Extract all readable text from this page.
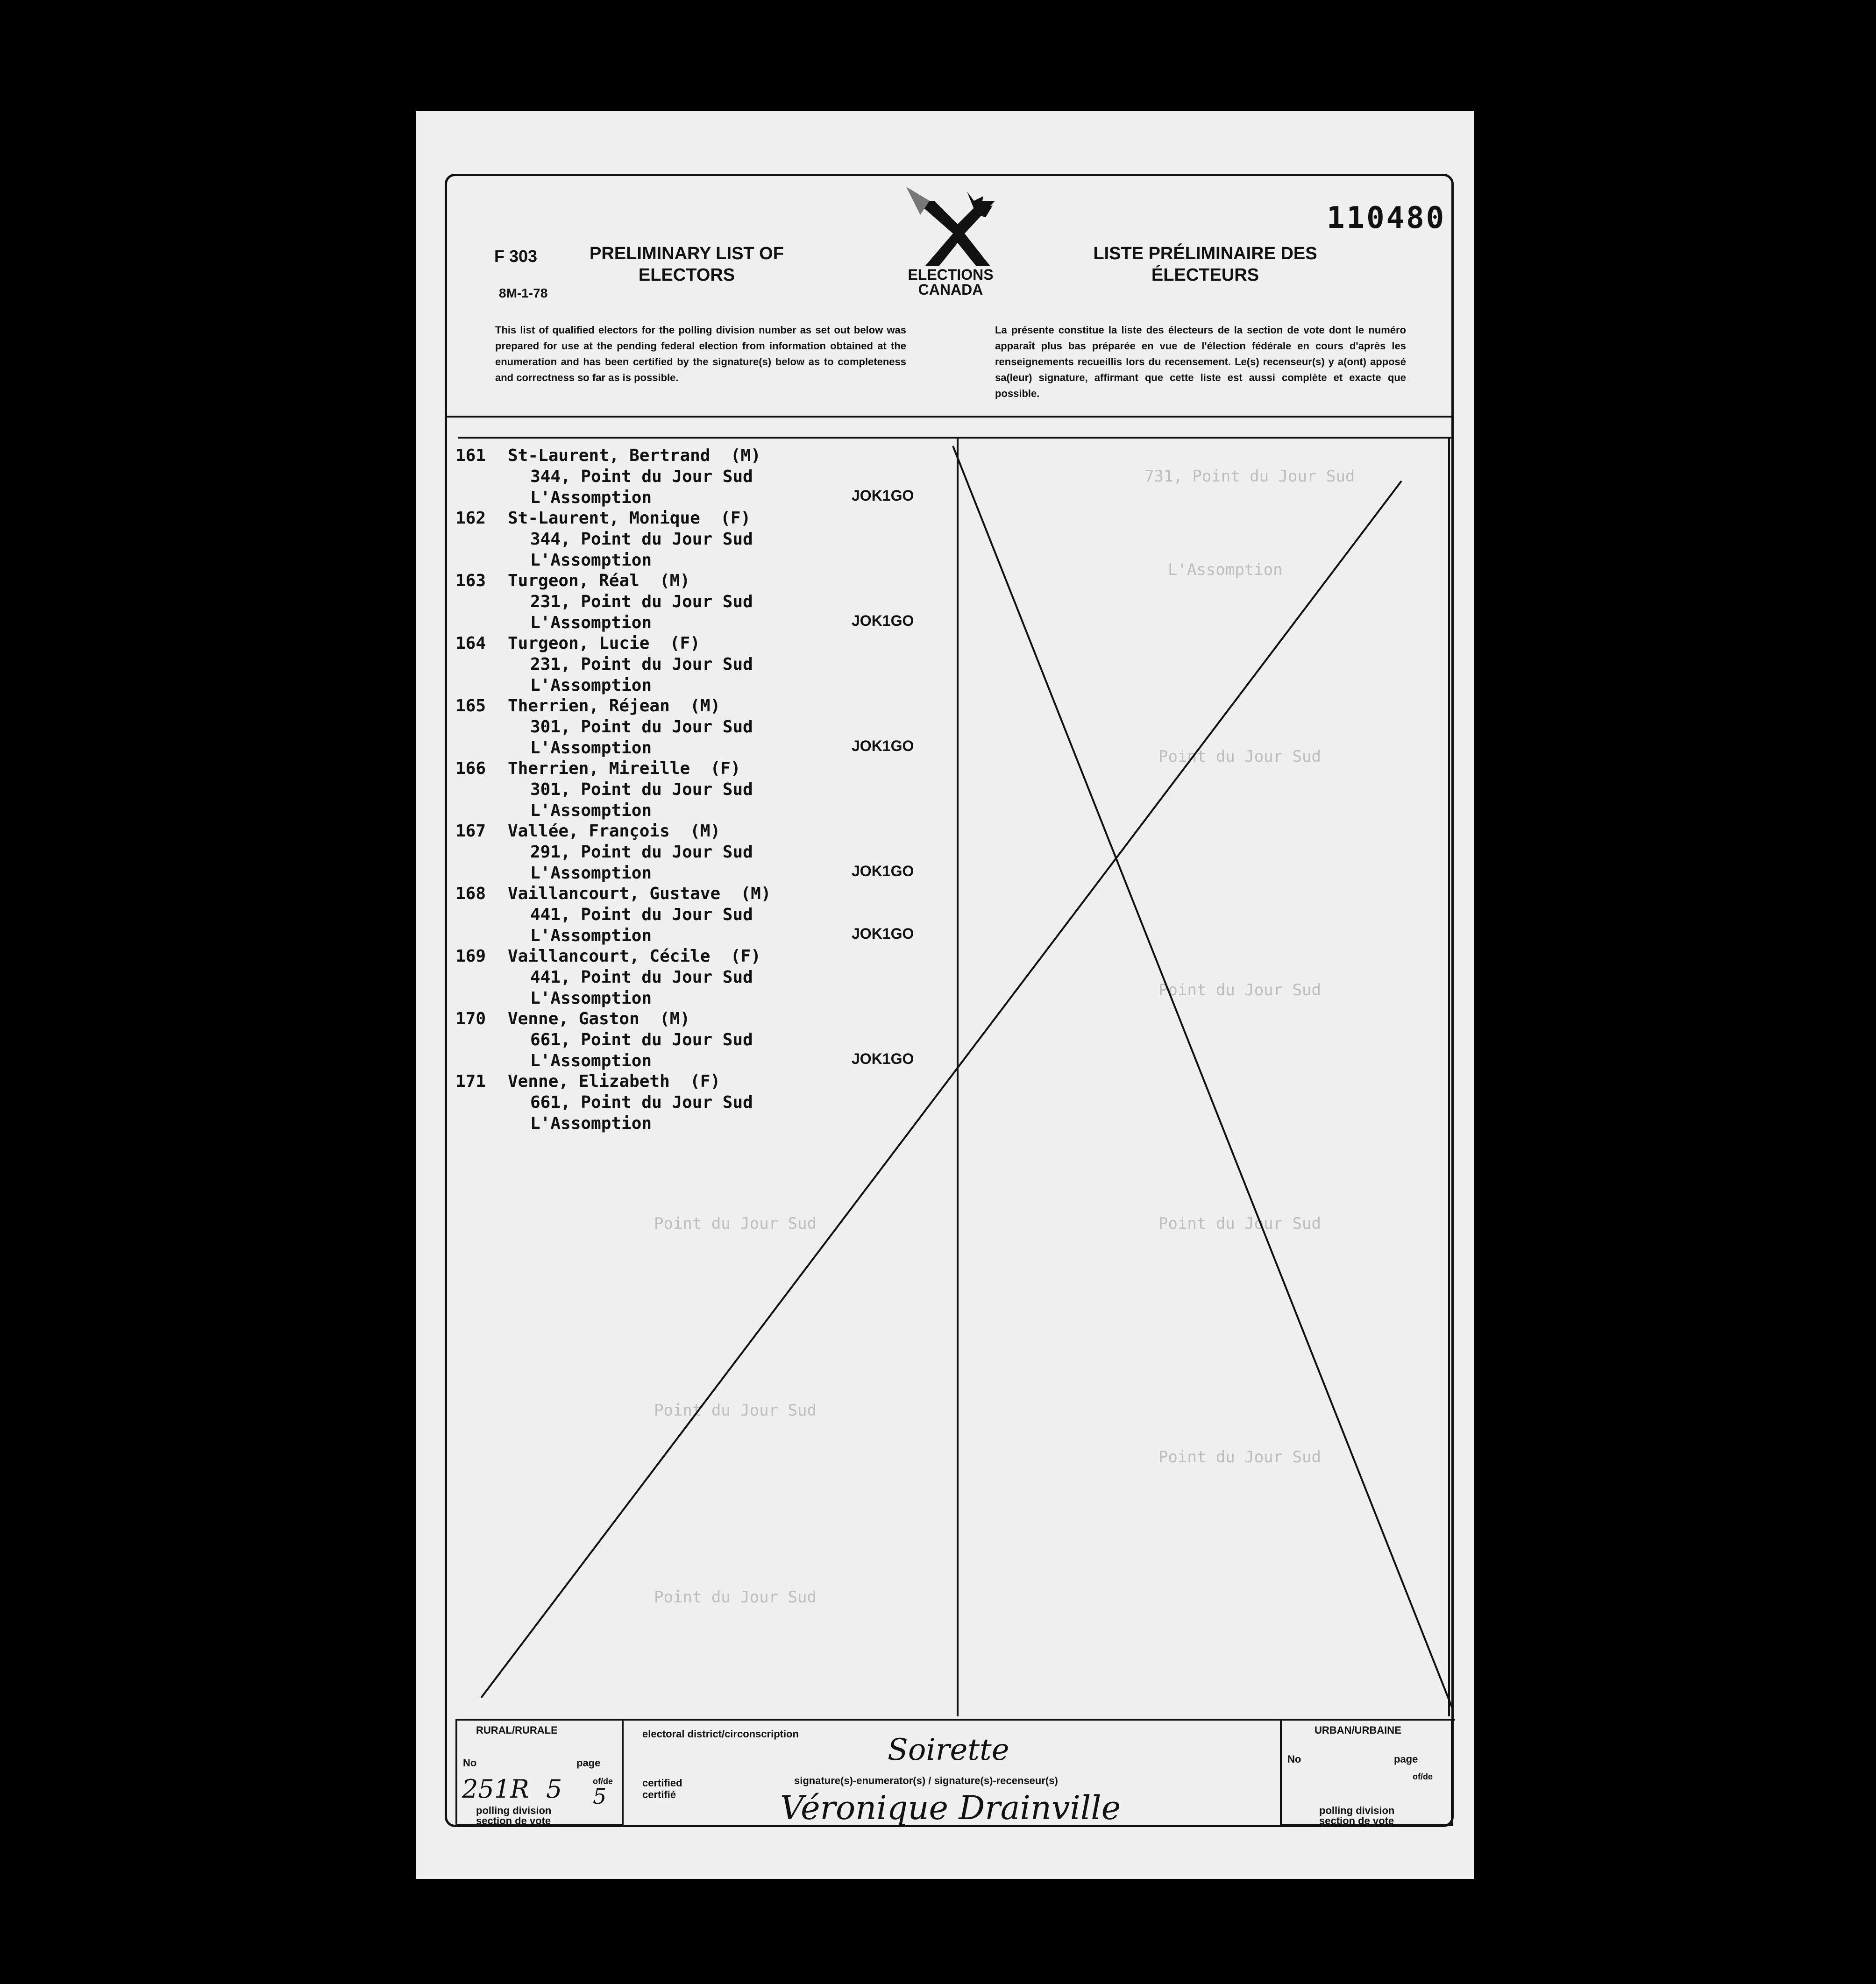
731, Point du Jour Sud
L'Assomption
Point du Jour Sud
Point du Jour Sud
Point du Jour Sud
Point du Jour Sud
Point du Jour Sud
Point du Jour Sud
Point du Jour Sud
F 303
8M-1-78
PRELIMINARY LIST OF ELECTORS
LISTE PRÉLIMINAIRE DES ÉLECTEURS
110480
ELECTIONS CANADA
This list of qualified electors for the polling division number as set out below was prepared for use at the pending federal election from information obtained at the enumeration and has been certified by the signature(s) below as to completeness and correctness so far as is possible.
La présente constitue la liste des électeurs de la section de vote dont le numéro apparaît plus bas préparée en vue de l'élection fédérale en cours d'après les renseignements recueillis lors du recensement. Le(s) recenseur(s) y a(ont) apposé sa(leur) signature, affirmant que cette liste est aussi complète et exacte que possible.
161 St-Laurent, Bertrand  (M)
344, Point du Jour Sud
L'Assomption	JOK1GO
162 St-Laurent, Monique  (F)
344, Point du Jour Sud
L'Assomption
163 Turgeon, Réal  (M)
231, Point du Jour Sud
L'Assomption	JOK1GO
164 Turgeon, Lucie  (F)
231, Point du Jour Sud
L'Assomption
165 Therrien, Réjean  (M)
301, Point du Jour Sud
L'Assomption	JOK1GO
166 Therrien, Mireille  (F)
301, Point du Jour Sud
L'Assomption
167 Vallée, François  (M)
291, Point du Jour Sud
L'Assomption	JOK1GO
168 Vaillancourt, Gustave  (M)
441, Point du Jour Sud
L'Assomption	JOK1GO
169 Vaillancourt, Cécile  (F)
441, Point du Jour Sud
L'Assomption
170 Venne, Gaston  (M)
661, Point du Jour Sud
L'Assomption	JOK1GO
171 Venne, Elizabeth  (F)
661, Point du Jour Sud
L'Assomption
RURAL/RURALE
No	page
of/de
251R 5 5
polling division
section de vote
electoral district/circonscription	Soirette
certified
certifié
signature(s)-enumerator(s) / signature(s)-recenseur(s)
Véronique Drainville
URBAN/URBAINE
No	page
of/de
polling division
section de vote
